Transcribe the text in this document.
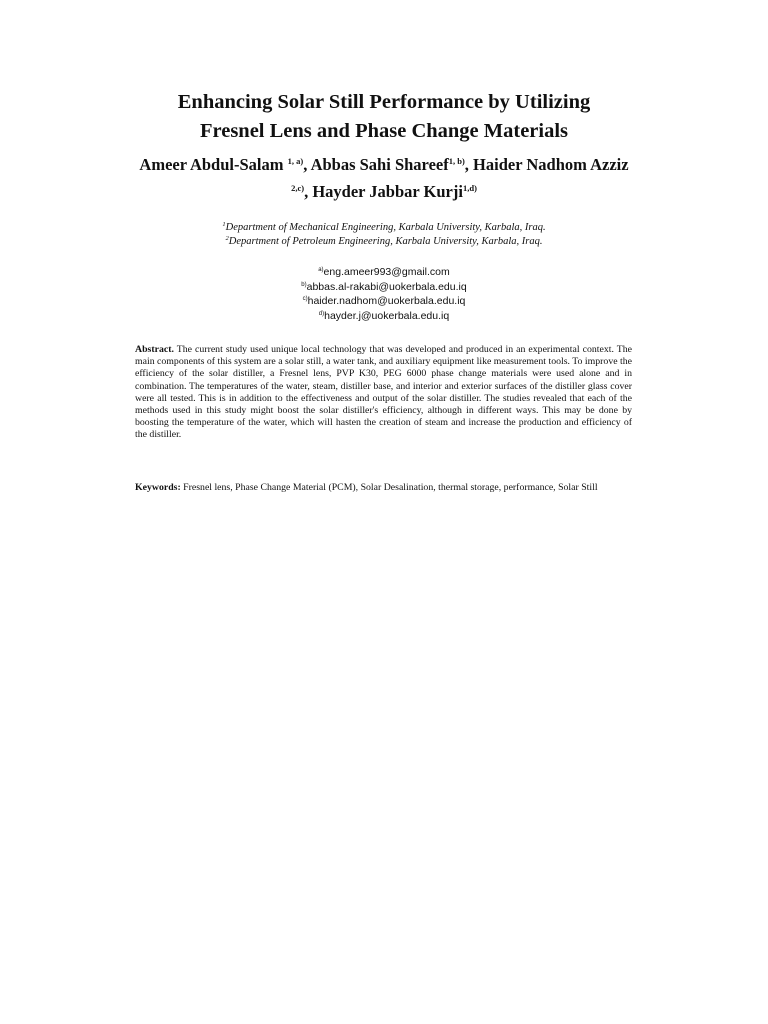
Enhancing Solar Still Performance by Utilizing
Fresnel Lens and Phase Change Materials
Ameer Abdul-Salam $^{1, a)}$, Abbas Sahi Shareef$^{1, b)}$, Haider Nadhom Azziz
$^{2,c)}$, Hayder Jabbar Kurji$^{1,d)}$
$^1$Department of Mechanical Engineering, Karbala University, Karbala, Iraq.
$^2$Department of Petroleum Engineering, Karbala University, Karbala, Iraq.
$^{a)}$eng.ameer993@gmail.com
$^{b)}$abbas.al-rakabi@uokerbala.edu.iq
$^{c)}$haider.nadhom@uokerbala.edu.iq
$^{d)}$hayder.j@uokerbala.edu.iq
Abstract. The current study used unique local technology that was developed and produced in an experimental context. The main components of this system are a solar still, a water tank, and auxiliary equipment like measurement tools. To improve the efficiency of the solar distiller, a Fresnel lens, PVP K30, PEG 6000 phase change materials were used alone and in combination. The temperatures of the water, steam, distiller base, and interior and exterior surfaces of the distiller glass cover were all tested. This is in addition to the effectiveness and output of the solar distiller. The studies revealed that each of the methods used in this study might boost the solar distiller's efficiency, although in different ways. This may be done by boosting the temperature of the water, which will hasten the creation of steam and increase the production and efficiency of the distiller.
Keywords: Fresnel lens, Phase Change Material (PCM), Solar Desalination, thermal storage, performance, Solar Still
